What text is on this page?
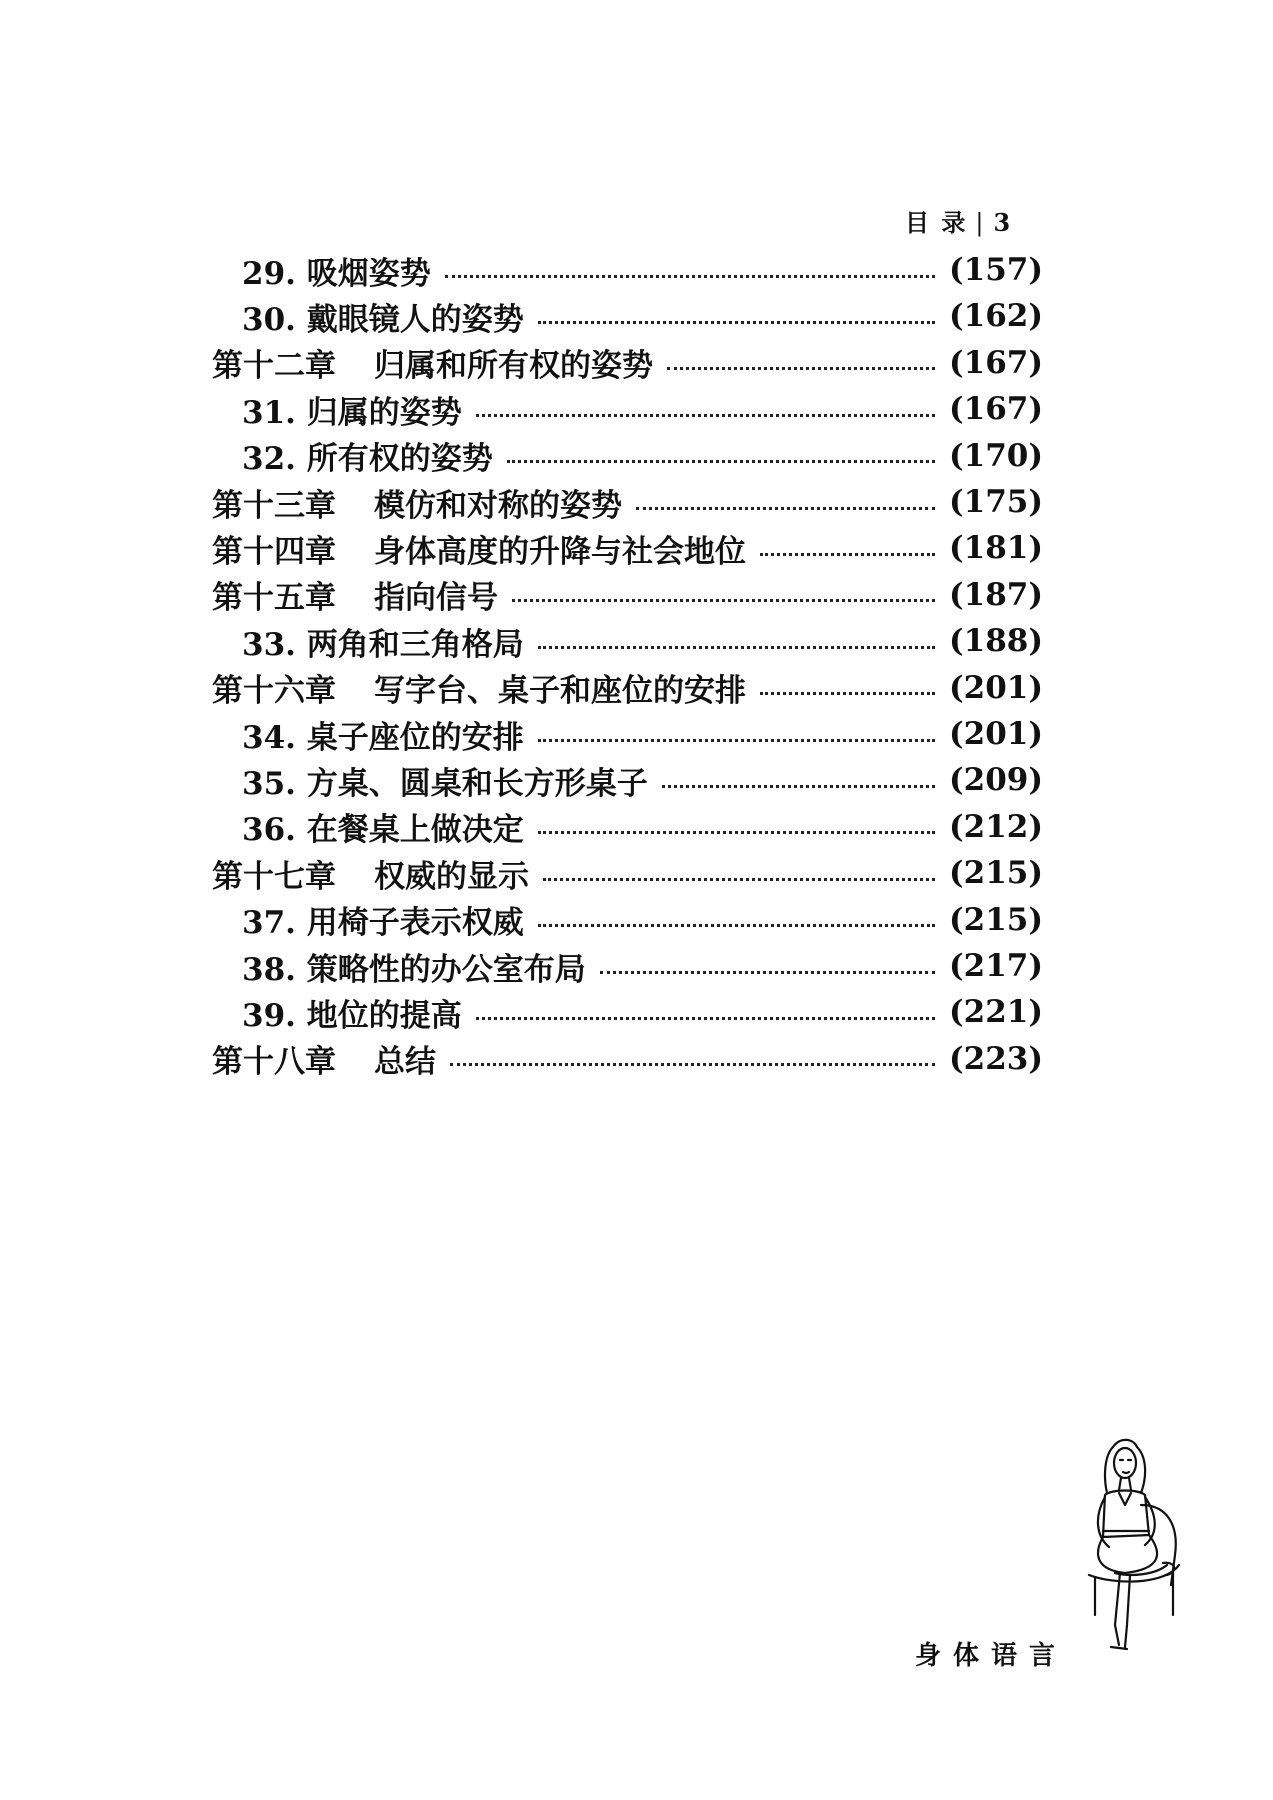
目 录 | 3
29. 吸烟姿势	(157)
30. 戴眼镜人的姿势	(162)
第十二章 归属和所有权的姿势	(167)
31. 归属的姿势	(167)
32. 所有权的姿势	(170)
第十三章 模仿和对称的姿势	(175)
第十四章 身体高度的升降与社会地位	(181)
第十五章 指向信号	(187)
33. 两角和三角格局	(188)
第十六章 写字台、桌子和座位的安排	(201)
34. 桌子座位的安排	(201)
35. 方桌、圆桌和长方形桌子	(209)
36. 在餐桌上做决定	(212)
第十七章 权威的显示	(215)
37. 用椅子表示权威	(215)
38. 策略性的办公室布局	(217)
39. 地位的提高	(221)
第十八章 总结	(223)
身体语言
